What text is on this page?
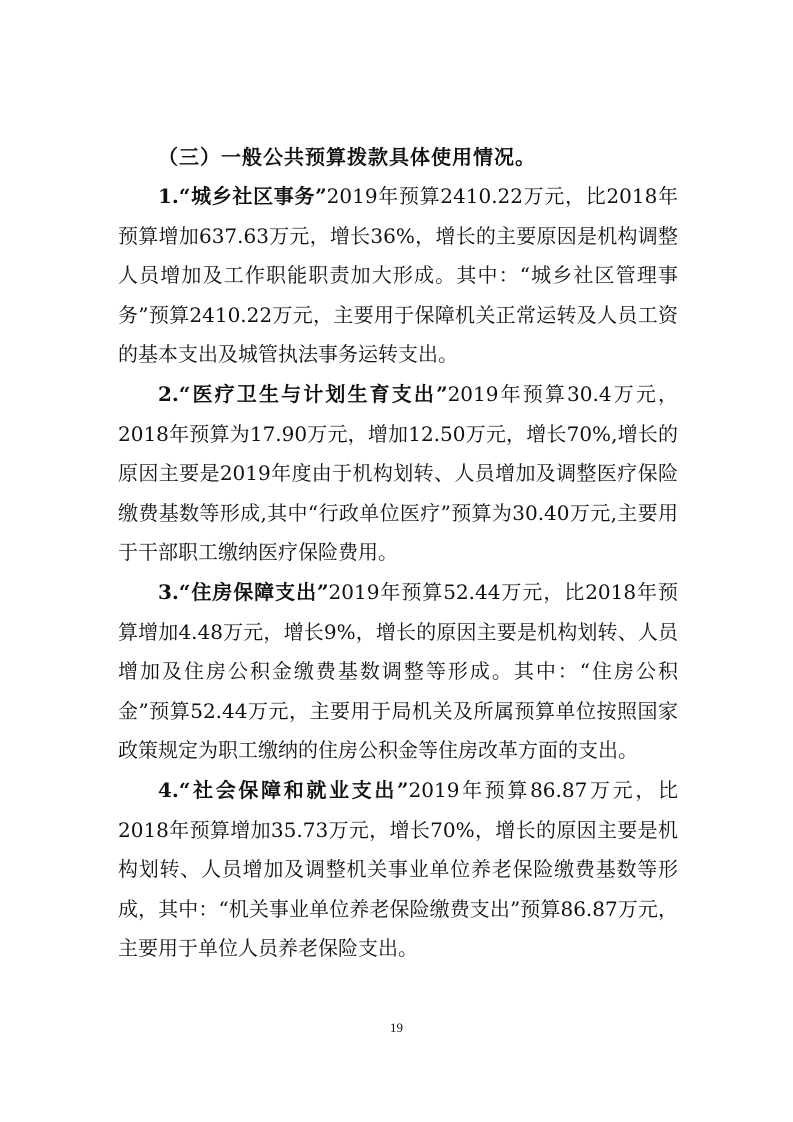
（三）一般公共预算拨款具体使用情况。

1.“城乡社区事务”2019年预算2410.22万元，比2018年预算增加637.63万元，增长36%，增长的主要原因是机构调整人员增加及工作职能职责加大形成。其中：“城乡社区管理事务”预算2410.22万元，主要用于保障机关正常运转及人员工资的基本支出及城管执法事务运转支出。

2.“医疗卫生与计划生育支出”2019年预算30.4万元，2018年预算为17.90万元，增加12.50万元，增长70%,增长的原因主要是2019年度由于机构划转、人员增加及调整医疗保险缴费基数等形成,其中“行政单位医疗”预算为30.40万元,主要用于干部职工缴纳医疗保险费用。

3.“住房保障支出”2019年预算52.44万元，比2018年预算增加4.48万元，增长9%，增长的原因主要是机构划转、人员增加及住房公积金缴费基数调整等形成。其中：“住房公积金”预算52.44万元，主要用于局机关及所属预算单位按照国家政策规定为职工缴纳的住房公积金等住房改革方面的支出。

4.“社会保障和就业支出”2019年预算86.87万元，比2018年预算增加35.73万元，增长70%，增长的原因主要是机构划转、人员增加及调整机关事业单位养老保险缴费基数等形成，其中：“机关事业单位养老保险缴费支出”预算86.87万元，主要用于单位人员养老保险支出。

19
